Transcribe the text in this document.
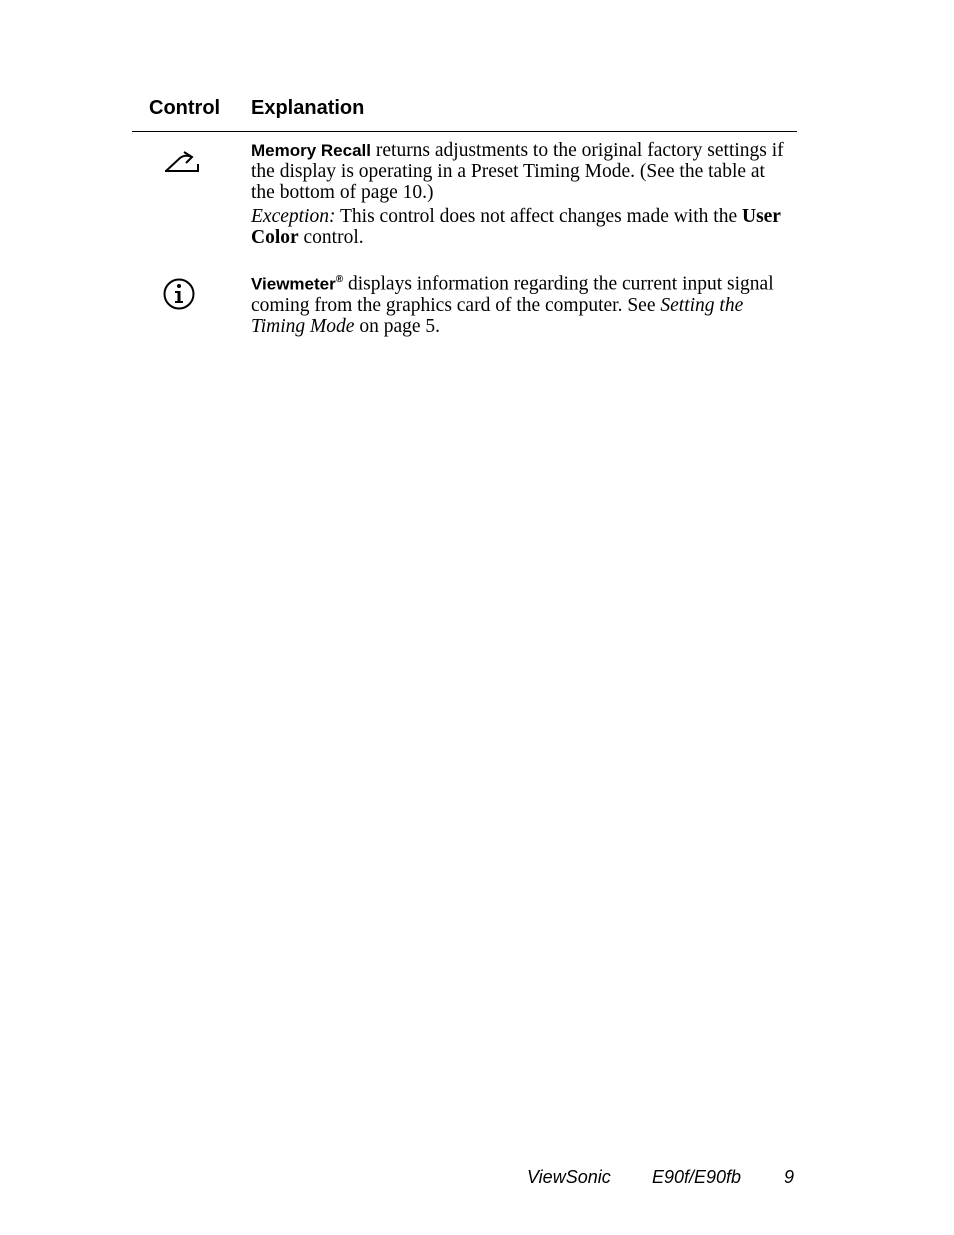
Control Explanation

Memory Recall returns adjustments to the original factory settings if the display is operating in a Preset Timing Mode. (See the table at the bottom of page 10.)

Exception: This control does not affect changes made with the User Color control.

Viewmeter® displays information regarding the current input signal coming from the graphics card of the computer. See Setting the Timing Mode on page 5.

ViewSonic E90f/E90fb 9
